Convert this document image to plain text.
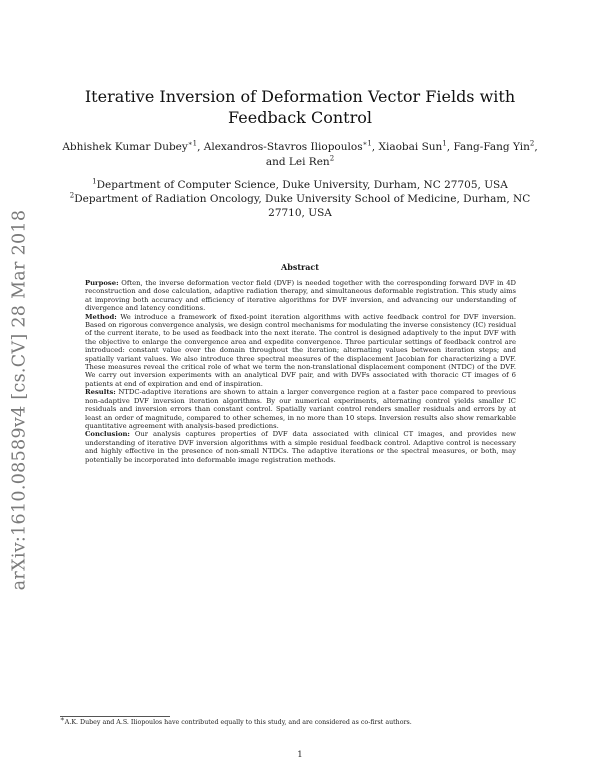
arXiv:1610.08589v4 [cs.CV] 28 Mar 2018
Iterative Inversion of Deformation Vector Fields with Feedback Control
Abhishek Kumar Dubey$^{∗1}$, Alexandros-Stavros Iliopoulos$^{∗1}$, Xiaobai Sun$^1$, Fang-Fang Yin$^2$, and Lei Ren$^2$

$^1$Department of Computer Science, Duke University, Durham, NC 27705, USA

$^2$Department of Radiation Oncology, Duke University School of Medicine, Durham, NC 27710, USA

Abstract

Purpose: Often, the inverse deformation vector field (DVF) is needed together with the corresponding forward DVF in 4D reconstruction and dose calculation, adaptive radiation therapy, and simultaneous deformable registration. This study aims at improving both accuracy and efficiency of iterative algorithms for DVF inversion, and advancing our understanding of divergence and latency conditions.

Method: We introduce a framework of fixed-point iteration algorithms with active feedback control for DVF inversion. Based on rigorous convergence analysis, we design control mechanisms for modulating the inverse consistency (IC) residual of the current iterate, to be used as feedback into the next iterate. The control is designed adaptively to the input DVF with the objective to enlarge the convergence area and expedite convergence. Three particular settings of feedback control are introduced: constant value over the domain throughout the iteration; alternating values between iteration steps; and spatially variant values. We also introduce three spectral measures of the displacement Jacobian for characterizing a DVF. These measures reveal the critical role of what we term the non-translational displacement component (NTDC) of the DVF. We carry out inversion experiments with an analytical DVF pair, and with DVFs associated with thoracic CT images of 6 patients at end of expiration and end of inspiration.

Results: NTDC-adaptive iterations are shown to attain a larger convergence region at a faster pace compared to previous non-adaptive DVF inversion iteration algorithms. By our numerical experiments, alternating control yields smaller IC residuals and inversion errors than constant control. Spatially variant control renders smaller residuals and errors by at least an order of magnitude, compared to other schemes, in no more than 10 steps. Inversion results also show remarkable quantitative agreement with analysis-based predictions.

Conclusion: Our analysis captures properties of DVF data associated with clinical CT images, and provides new understanding of iterative DVF inversion algorithms with a simple residual feedback control. Adaptive control is necessary and highly effective in the presence of non-small NTDCs. The adaptive iterations or the spectral measures, or both, may potentially be incorporated into deformable image registration methods.

∗A.K. Dubey and A.S. Iliopoulos have contributed equally to this study, and are considered as co-first authors.
1
